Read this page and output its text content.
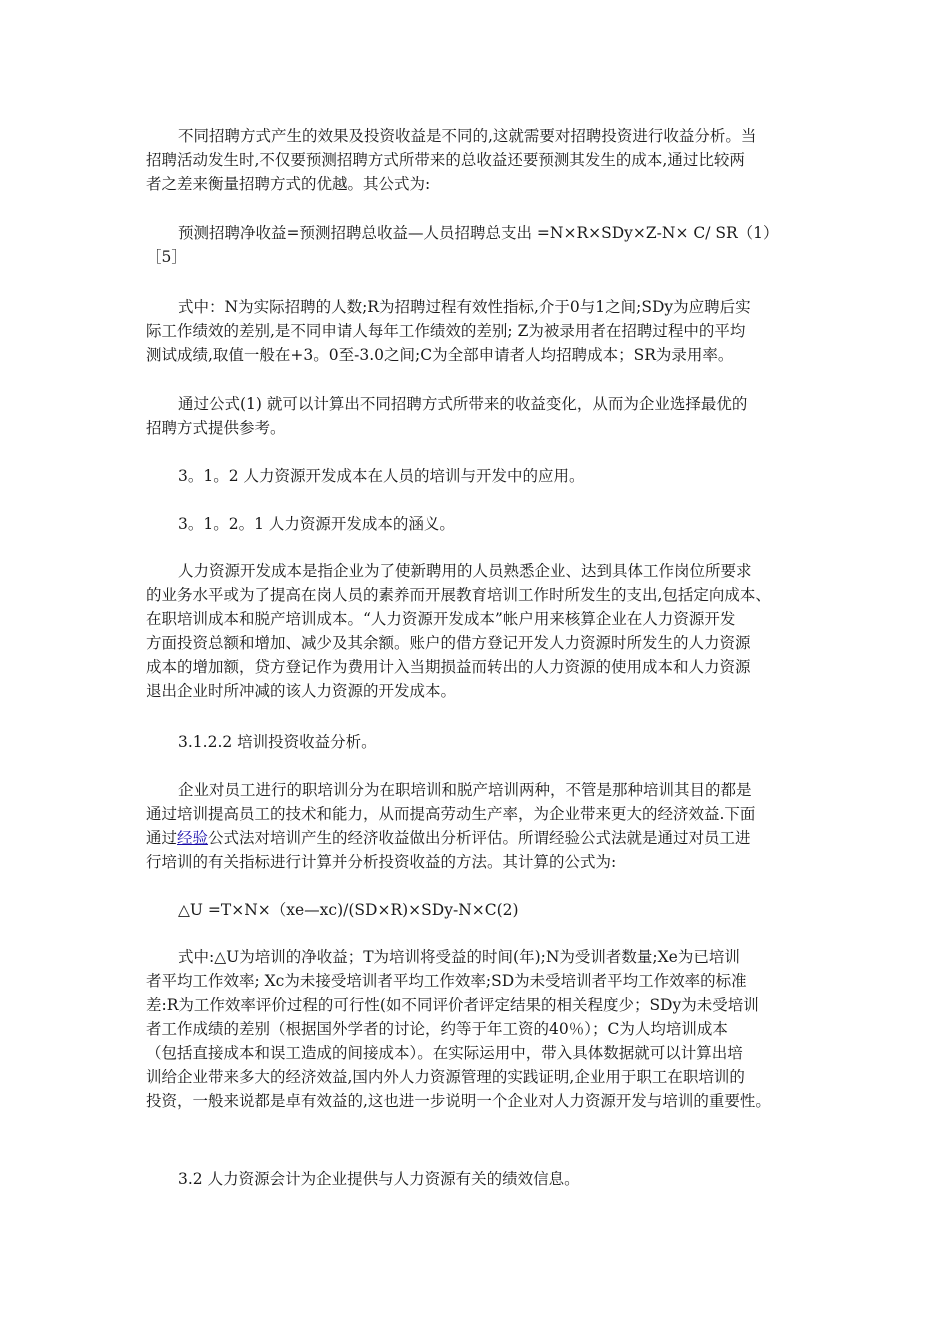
不同招聘方式产生的效果及投资收益是不同的,这就需要对招聘投资进行收益分析。当
招聘活动发生时,不仅要预测招聘方式所带来的总收益还要预测其发生的成本,通过比较两
者之差来衡量招聘方式的优越。其公式为:
预测招聘净收益=预测招聘总收益—人员招聘总支出 =N×R×SDy×Z-N× C/ SR（1）
［5］
式中：N为实际招聘的人数;R为招聘过程有效性指标,介于0与1之间;SDy为应聘后实
际工作绩效的差别,是不同申请人每年工作绩效的差别; Z为被录用者在招聘过程中的平均
测试成绩,取值一般在+3。0至-3.0之间;C为全部申请者人均招聘成本；SR为录用率。
通过公式(1) 就可以计算出不同招聘方式所带来的收益变化，从而为企业选择最优的
招聘方式提供参考。
3。1。2 人力资源开发成本在人员的培训与开发中的应用。
3。1。2。1 人力资源开发成本的涵义。
人力资源开发成本是指企业为了使新聘用的人员熟悉企业、达到具体工作岗位所要求
的业务水平或为了提高在岗人员的素养而开展教育培训工作时所发生的支出,包括定向成本、
在职培训成本和脱产培训成本。“人力资源开发成本”帐户用来核算企业在人力资源开发
方面投资总额和增加、减少及其余额。账户的借方登记开发人力资源时所发生的人力资源
成本的增加额，贷方登记作为费用计入当期损益而转出的人力资源的使用成本和人力资源
退出企业时所冲减的该人力资源的开发成本。
3.1.2.2 培训投资收益分析。
企业对员工进行的职培训分为在职培训和脱产培训两种，不管是那种培训其目的都是
通过培训提高员工的技术和能力，从而提高劳动生产率，为企业带来更大的经济效益.下面
通过经验公式法对培训产生的经济收益做出分析评估。所谓经验公式法就是通过对员工进
行培训的有关指标进行计算并分析投资收益的方法。其计算的公式为:
△U =T×N×（xe—xc)/(SD×R)×SDy-N×C(2)
式中:△U为培训的净收益；T为培训将受益的时间(年);N为受训者数量;Xe为已培训
者平均工作效率; Xc为未接受培训者平均工作效率;SD为未受培训者平均工作效率的标准
差:R为工作效率评价过程的可行性(如不同评价者评定结果的相关程度少；SDy为未受培训
者工作成绩的差别（根据国外学者的讨论，约等于年工资的40％）；C为人均培训成本
（包括直接成本和误工造成的间接成本）。在实际运用中，带入具体数据就可以计算出培
训给企业带来多大的经济效益,国内外人力资源管理的实践证明,企业用于职工在职培训的
投资，一般来说都是卓有效益的,这也进一步说明一个企业对人力资源开发与培训的重要性。
3.2 人力资源会计为企业提供与人力资源有关的绩效信息。
